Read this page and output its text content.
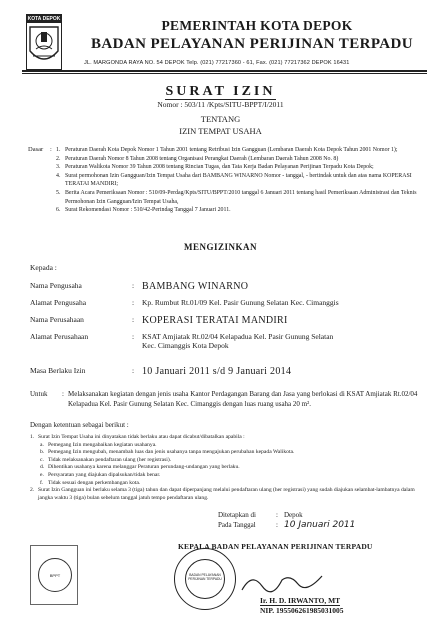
KOTA DEPOK	PEMERINTAH KOTA DEPOK
BADAN PELAYANAN PERIJINAN TERPADU
JL. MARGONDA RAYA NO. 54 DEPOK Telp. (021) 77217360 - 61, Fax. (021) 77217362 DEPOK 16431
SURAT IZIN
Nomor : 503/11 /Kpts/SITU-BPPT/I/2011
TENTANG
IZIN TEMPAT USAHA
Dasar : 1. Peraturan Daerah Kota Depok Nomor 1 Tahun 2001 tentang Retribusi Izin Gangguan (Lembaran Daerah Kota Depok Tahun 2001 Nomor 1);
2. Peraturan Daerah Nomor 8 Tahun 2008 tentang Organisasi Perangkat Daerah (Lembaran Daerah Tahun 2008 No. 8)
3. Peraturan Walikota Nomor 39 Tahun 2008 tentang Rincian Tugas, dan Tata Kerja Badan Pelayanan Perijinan Terpadu Kota Depok;
4. Surat permohonan Izin Gangguan/Izin Tempat Usaha dari BAMBANG WINARNO Nomor - tanggal, - bertindak untuk dan atas nama KOPERASI TERATAI MANDIRI;
5. Berita Acara Pemeriksaan Nomor : 510/09-Perdag/Kpts/SITU/BPPT/2010 tanggal 6 Januari 2011 tentang hasil Pemeriksaan Administrasi dan Teknis Permohonan Izin Gangguan/Izin Tempat Usaha,
6. Surat Rekomendasi Nomor : 510/42-Perindag Tanggal 7 Januari 2011.
MENGIZINKAN
Kepada :
Nama Pengusaha	: BAMBANG WINARNO
Alamat Pengusaha	:	Kp. Rumbut Rt.01/09 Kel. Pasir Gunung Selatan Kec. Cimanggis
Nama Perusahaan	: KOPERASI TERATAI MANDIRI
Alamat Perusahaan	:	KSAT Amjiatak Rt.02/04 Kelapadua Kel. Pasir Gunung Selatan
Kec. Cimanggis Kota Depok
Masa Berlaku Izin	: 10 Januari 2011 s/d 9 Januari 2014
Untuk : Melaksanakan kegiatan dengan jenis usaha Kantor Perdagangan Barang dan Jasa yang berlokasi di KSAT Amjiatak Rt.02/04 Kelapadua Kel. Pasir Gunung Selatan Kec. Cimanggis dengan luas ruang usaha 20 m².
Dengan ketentuan sebagai berikut :
1. Surat Izin Tempat Usaha ini dinyatakan tidak berlaku atau dapat dicabut/dibatalkan apabila :
a. Pemegang Izin mengabaikan kegiatan usahanya.
b. Pemegang Izin mengubah, menambah luas dan jenis usahanya tanpa mengajukan perubahan kepada Walikota.
c. Tidak melaksanakan pendaftaran ulang (her registrasi).
d. Dihentikan usahanya karena melanggar Peraturan perundang-undangan yang berlaku.
e. Persyaratan yang diajukan dipalsukan/tidak benar.
f. Tidak sesuai dengan perkembangan kota.
2. Surat Izin Gangguan ini berlaku selama 3 (tiga) tahun dan dapat diperpanjang melalui pendaftaran ulang (her registrasi) yang sudah diajukan selambat-lambatnya dalam jangka waktu 3 (tiga) bulan sebelum tanggal jatuh tempo pendaftaran ulang.
Ditetapkan di	: Depok
Pada Tanggal	: 10 Januari 2011
KEPALA BADAN PELAYANAN PERIJINAN TERPADU
BADAN PELAYANAN PERIJINAN TERPADU
Ir. H. D. IRWANTO, MT
NIP. 195506261985031005
BPPT
